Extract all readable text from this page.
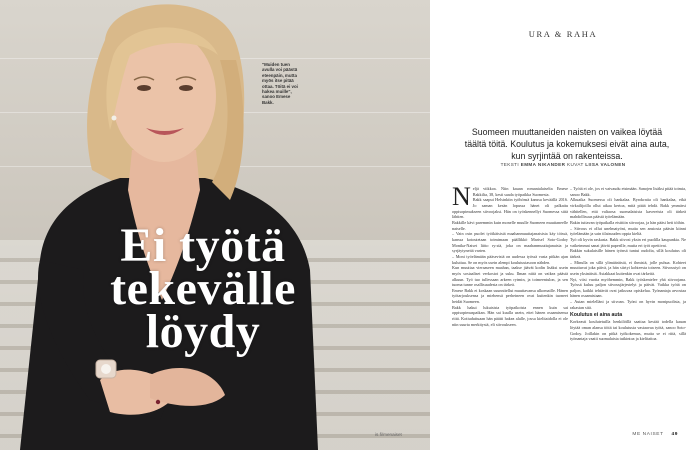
"Muiden tuen avulla voi päästä eteenpäin, mutta myös itse pitää ottaa. Töitä ei voi hakea muille", sanoo Emese Bakk.
Ei työtä
tekevälle
löydy
is.fi/menaiset
URA & RAHA

Suomeen muuttaneiden naisten on vaikea löytää täältä töitä. Koulutus ja kokemuksesi eivät aina auta, kun syrjintää on rakenteissa.

TEKSTI EMMA NIKANDER KUVAT LIISA VALONEN
N eljä viikkoa. Niin kauan romanialaiselta Emese Bakkilta, 38, kesti saada työpaikka Suomesta.

Bakk saapui Helsinkiin työhönsä kanssa keväällä 2016. Jo saman kesän lopussa hänet oli palkattu oppisopimukseen siivoojaksi. Hän on työskennellyt Suomessa siitä lähtien.

Bakkille kävi paremmin kuin monelle muulle Suomeen muuttaneelle naiselle.

– Vain osin puolet työikäisistä maahanmuuttajanaisista käy töissä, kanssa kotoutetaan toimimaan päällikkö Marisel Soto-Godoy Monika-Naiset liitto ry:stä, joka on maahanmuuttajanaisia ja syrjäytyneitä varten.

– Moni työelämään pääsevistä on uudessa työssä vasta pitkän ajan kuluttua. Se on myös usein alempi koulutustasoon nähden.

Kun muuttaa vieraaseen maahan, taakse jäävät kodin lisäksi usein myös sosiaaliset verkostot ja suku. Ilman niitä on vaikea päästä alkuun. Työ tuo tullessaan arkeen rytmin, ja toimeentulon, ja sen tuoma tunne osallisuudesta on tärkeä.

Emese Bakk ei koskaan suunnitellut muuttavansa ulkomaille. Hänen työtarjouksensa ja miehensä perheineen ovat kuitenkin tuoneet heidät Suomeen.

Bakk hakui lukuisista työpaikoista ennen kuin sai oppisopimuspaikan. Hän sai kuulla usein, ettei hänen osaamisensa riitä. Kotiuduttuaan hän päätti hakea alalle, jossa kielitaidolla ei ole niin suurta merkitystä, eli siivoukseen.

– Työtä ei ole, jos ei vaivaudu etsimään. Sanojen lisäksi pitää toimia, sanoo Bakk.

Alkuaika Suomessa oli hankalaa. Byrokratia oli hankalaa, eikä virkailijoilla ollut aikaa kertoa, mitä pitää tehdä. Bakk ymmärsi vähitellen, että valtaosa suomalaisista kavereista oli tärkeä mahdollisuus päästä työelämään.

Bakin tuttavan työpaikalla etsittiin siivoojaa, ja hän pääsi heti töihin.

– Siivous ei ollut unelmatyöni, mutta sen ansiosta pääsin kiinni työelämään ja sain tilaisuuden oppia kieltä.

Työ oli kyvin raskasta. Bakk siivosi yksin eri puolilla kaupunkia. Ne vaikeimmat sanat jäivät paperille, mutta eri työt opettivat.

Bakkin sukulaisille hänen työnsä tuntui oudolta, sillä koulutus oli tärkeä.

– Minulla on sillä ylimääräistä, ei ihmisiä, jolle puhua. Kohteet muuttuvat joka päivä, ja hän siirtyi kohteesta toiseen. Siivoustyö on usein yksinäistä. Asiakkaat kuitenkin ovat tärkeitä.

Nyt, viisi vuotta myöhemmin, Bakk työskentelee yhä siivoojana. Työssä kuluu paljon siivousjärjestelyt ja päivät. Vaikka työtä on paljon, kaikki tehtävät ovat jatkuvaa opiskelua. Työnantaja arvostaa hänen osaamistaan.

– Autan mielelläni ja siivoan. Työni on hyvin monipuolista, ja rakastan sitä.

Koulutus ei aina auta

Korkeasti koulutetuilla henkilöillä saattaa kestää todella kauan löytää oman alansa töitä tai koulutusta vastaavaa työtä, sanoo Soto-Godoy. Joillakin on pitkä työkokemus, mutta se ei riitä, sillä työnantaja vaatii suomalaista tutkintoa ja kielitaitoa.

ME NAISET 49
